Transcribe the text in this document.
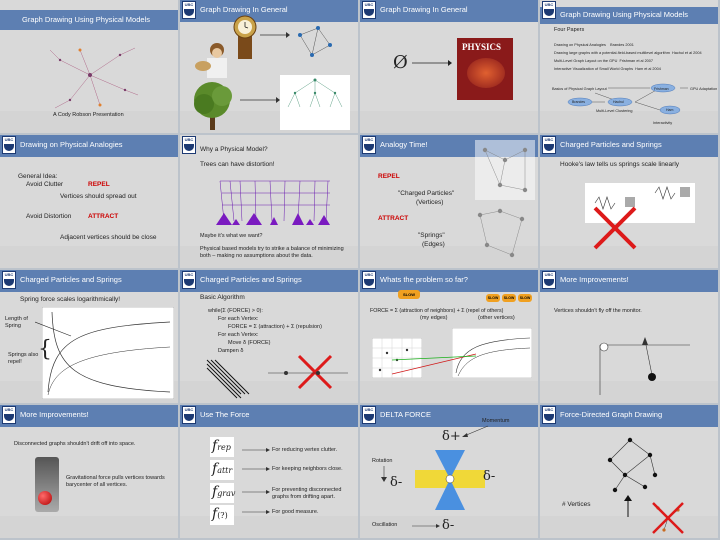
Graph Drawing Using Physical Models
A Cody Robson Presentation
Graph Drawing In General
UBC
Graph Drawing In General
UBC
Ø
PHYSICS
Graph Drawing Using Physical Models
UBC
Four Papers
Drawing on Physical Analogies Brandes 2001
Drawing large graphs with a potential-field-based multilevel algorithm Hachul et al 2004
Multi-Level Graph Layout on the GPU Frishman et al 2007
Interactive Visualization of Small World Graphs Ham et al 2004
Basics of Physical Graph Layout	Frishman	GPU Adaptation
Brandes	Hachul
Multi-Level Clustering	Ham
Interactivity
Drawing on Physical Analogies
UBC
General Idea:
Avoid Clutter	REPEL
Vertices should spread out
Avoid Distortion	ATTRACT
Adjacent vertices should be close
UBC
Why a Physical Model?
Trees can have distortion!
Maybe it's what we want?
Physical based models try to strike a balance of minimizing both – making no assumptions about the data.
Analogy Time!
UBC
REPEL
"Charged Particles"
(Vertices)
ATTRACT
"Springs"
(Edges)
Charged Particles and Springs
UBC
Hooke's law tells us springs scale linearly
Charged Particles and Springs
UBC
Spring force scales logarithmically!
Length of Spring
Springs also repel! {
Charged Particles and Springs
UBC
Basic Algorithm
while(Σ (FORCE) > 0):
For each Vertex:
FORCE = Σ (attraction) + Σ (repulsion)
For each Vertex:
Move δ (FORCE)
Dampen δ
Whats the problem so far?
UBC
SLOW
SLOW	SLOW	SLOW
FORCE = Σ (attraction of neighbors) + Σ (repel of others)
(my edges)	(other vertices)
More Improvements!
UBC
Vertices shouldn't fly off the monitor.
More Improvements!
UBC
Disconnected graphs shouldn't drift off into space.
Gravitational force pulls vertices towards barycenter of all vertices.
Use The Force
UBC
frep	For reducing vertex clutter.
fattr	For keeping neighbors close.
fgrav	For preventing disconnected graphs from drifting apart.
f(?)	For good measure.
DELTA FORCE
UBC
Momentum
δ+
Rotation
δ-	δ-
Oscillation	δ-
Force-Directed Graph Drawing
UBC
# Vertices
